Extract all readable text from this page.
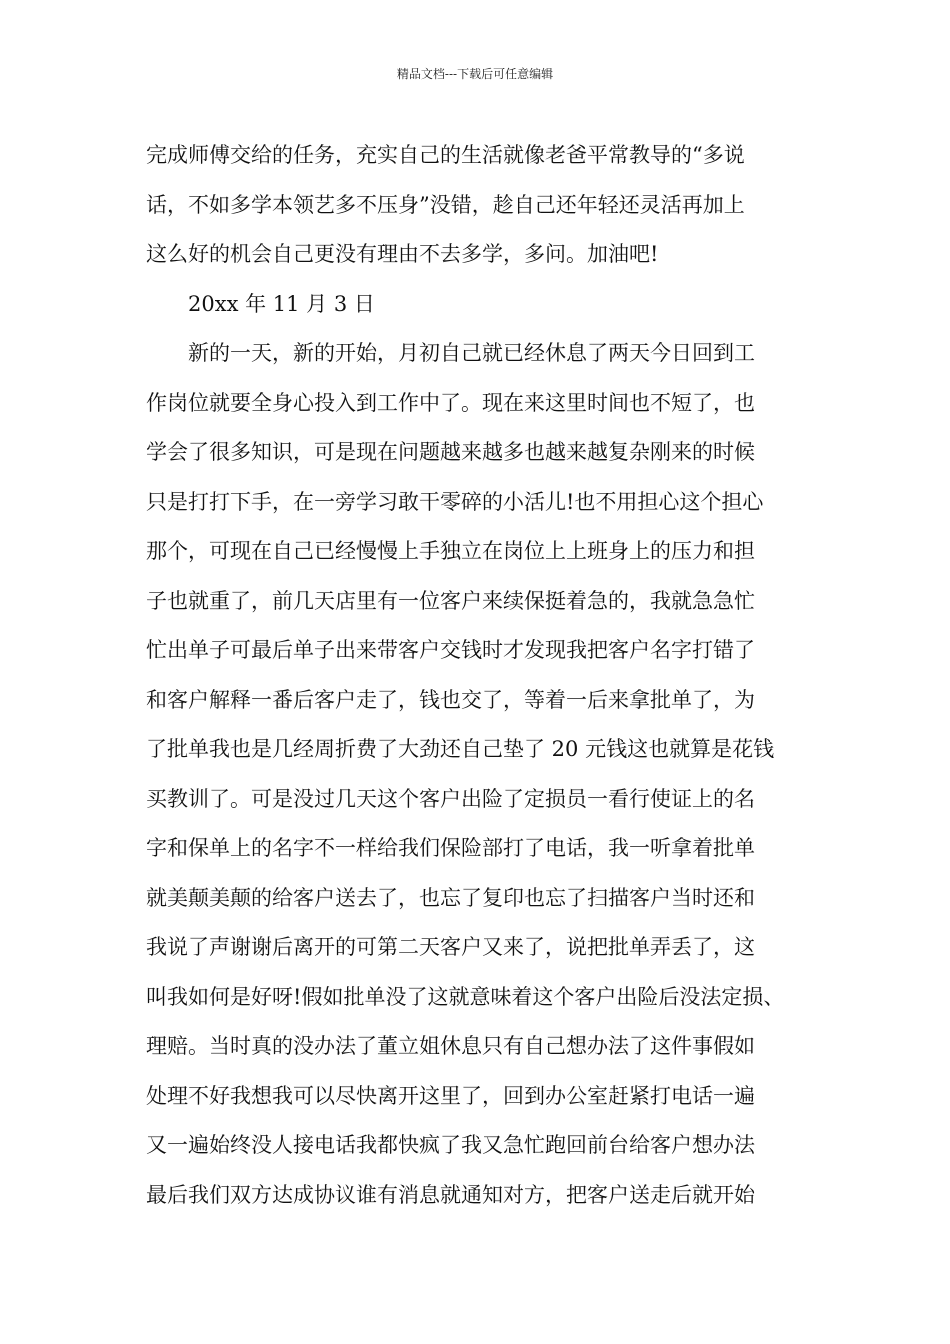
精品文档---下载后可任意编辑
完成师傅交给的任务，充实自己的生活就像老爸平常教导的“多说
话，不如多学本领艺多不压身”没错，趁自己还年轻还灵活再加上
这么好的机会自己更没有理由不去多学，多问。加油吧!
20xx 年 11 月 3 日
新的一天，新的开始，月初自己就已经休息了两天今日回到工
作岗位就要全身心投入到工作中了。现在来这里时间也不短了，也
学会了很多知识，可是现在问题越来越多也越来越复杂刚来的时候
只是打打下手，在一旁学习敢干零碎的小活儿!也不用担心这个担心
那个，可现在自己已经慢慢上手独立在岗位上上班身上的压力和担
子也就重了，前几天店里有一位客户来续保挺着急的，我就急急忙
忙出单子可最后单子出来带客户交钱时才发现我把客户名字打错了
和客户解释一番后客户走了，钱也交了，等着一后来拿批单了，为
了批单我也是几经周折费了大劲还自己垫了 20 元钱这也就算是花钱
买教训了。可是没过几天这个客户出险了定损员一看行使证上的名
字和保单上的名字不一样给我们保险部打了电话，我一听拿着批单
就美颠美颠的给客户送去了，也忘了复印也忘了扫描客户当时还和
我说了声谢谢后离开的可第二天客户又来了，说把批单弄丢了，这
叫我如何是好呀!假如批单没了这就意味着这个客户出险后没法定损、
理赔。当时真的没办法了董立姐休息只有自己想办法了这件事假如
处理不好我想我可以尽快离开这里了，回到办公室赶紧打电话一遍
又一遍始终没人接电话我都快疯了我又急忙跑回前台给客户想办法
最后我们双方达成协议谁有消息就通知对方，把客户送走后就开始
